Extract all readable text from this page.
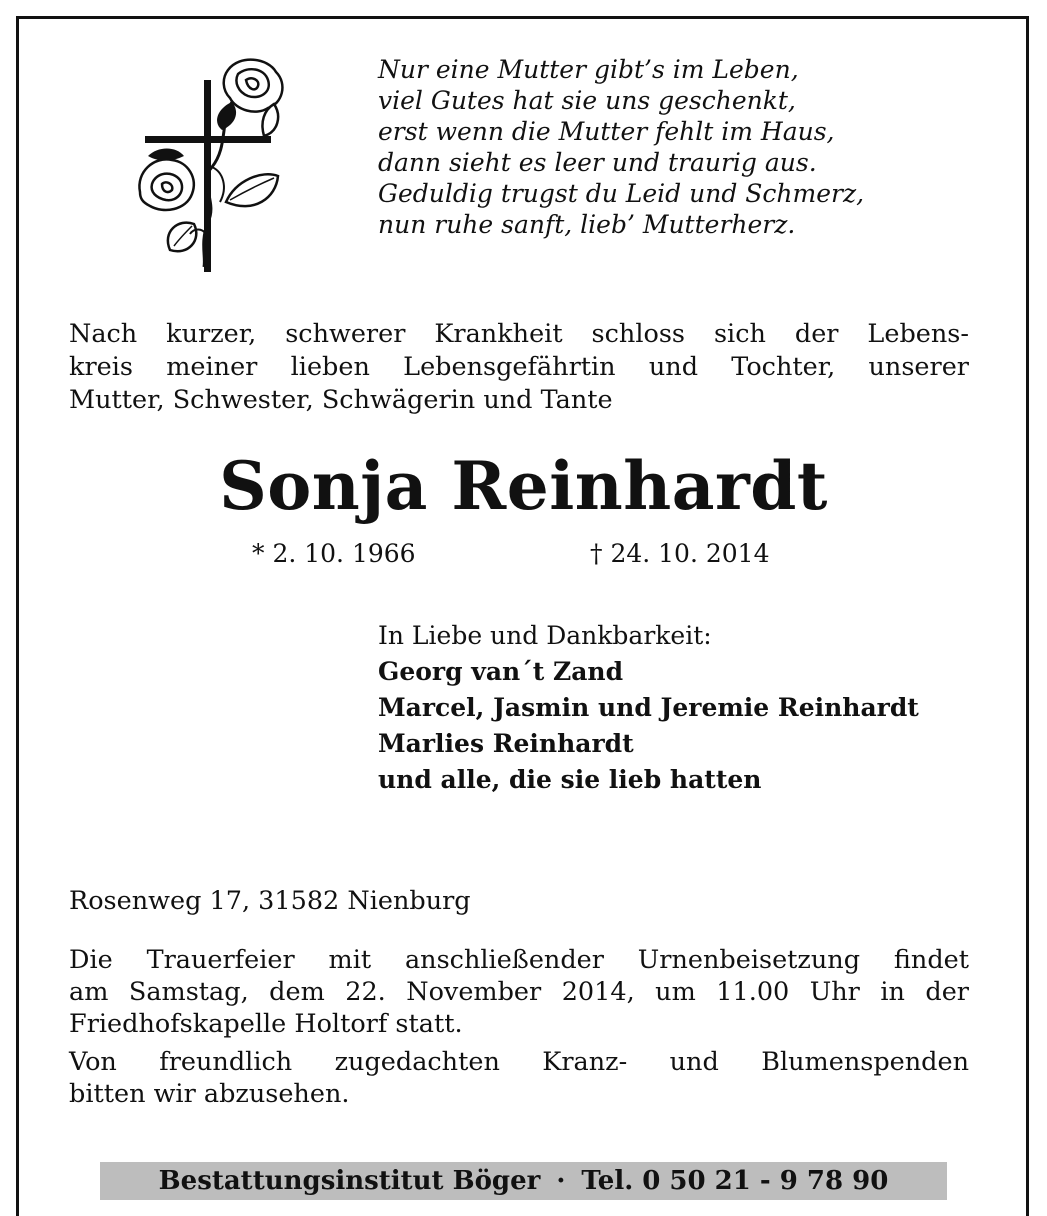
Nur eine Mutter gibt’s im Leben,
viel Gutes hat sie uns geschenkt,
erst wenn die Mutter fehlt im Haus,
dann sieht es leer und traurig aus.
Geduldig trugst du Leid und Schmerz,
nun ruhe sanft, lieb’ Mutterherz.
Nach kurzer, schwerer Krankheit schloss sich der Lebens-
kreis meiner lieben Lebensgefährtin und Tochter, unserer
Mutter, Schwester, Schwägerin und Tante
Sonja Reinhardt
* 2. 10. 1966	† 24. 10. 2014
In Liebe und Dankbarkeit:
Georg van´t Zand
Marcel, Jasmin und Jeremie Reinhardt
Marlies Reinhardt
und alle, die sie lieb hatten
Rosenweg 17, 31582 Nienburg

Die Trauerfeier mit anschließender Urnenbeisetzung findet
am Samstag, dem 22. November 2014, um 11.00 Uhr in der
Friedhofskapelle Holtorf statt.

Von freundlich zugedachten Kranz- und Blumenspenden
bitten wir abzusehen.

Bestattungsinstitut Böger · Tel. 0 50 21 - 9 78 90
